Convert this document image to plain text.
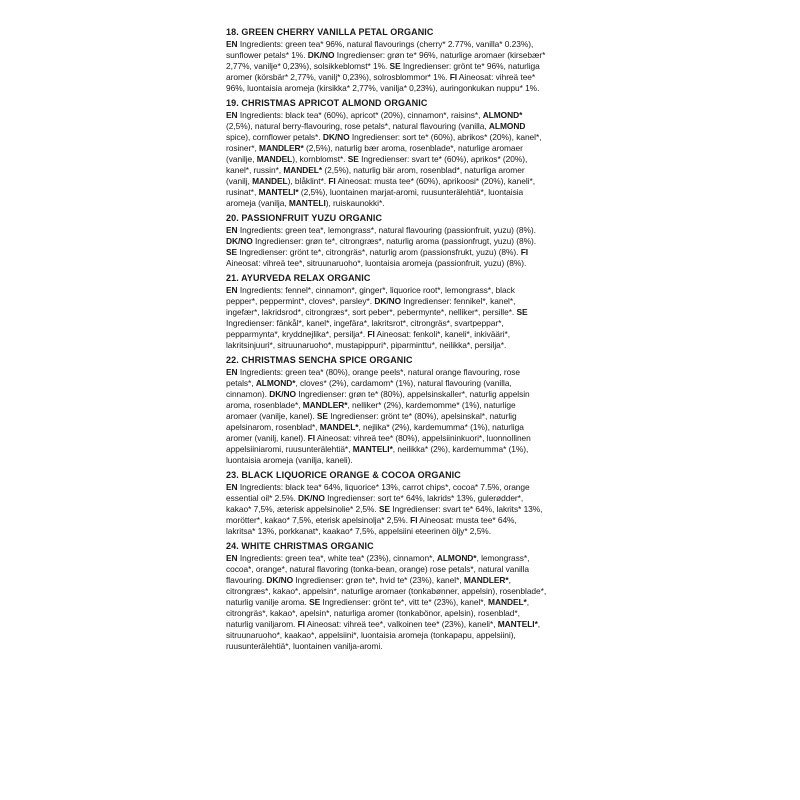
18. GREEN CHERRY VANILLA PETAL ORGANIC

EN Ingredients: green tea* 96%, natural flavourings (cherry* 2.77%, vanilla* 0.23%), sunflower petals* 1%. DK/NO Ingredienser: grøn te* 96%, naturlige aromaer (kirsebær* 2,77%, vanilje* 0,23%), solsikkeblomst* 1%. SE Ingredienser: grönt te* 96%, naturliga aromer (körsbär* 2,77%, vanilj* 0,23%), solrosblommor* 1%. FI Aineosat: vihreä tee* 96%, luontaisia aromeja (kirsikka* 2,77%, vanilja* 0,23%), auringonkukan nuppu* 1%.

19. CHRISTMAS APRICOT ALMOND ORGANIC

EN Ingredients: black tea* (60%), apricot* (20%), cinnamon*, raisins*, ALMOND* (2,5%), natural berry-flavouring, rose petals*, natural flavouring (vanilla, ALMOND spice), cornflower petals*. DK/NO Ingredienser: sort te* (60%), abrikos* (20%), kanel*, rosiner*, MANDLER* (2,5%), naturlig bær aroma, rosenblade*, naturlige aromaer (vanilje, MANDEL), kornblomst*. SE Ingredienser: svart te* (60%), aprikos* (20%), kanel*, russin*, MANDEL* (2,5%), naturlig bär arom, rosenblad*, naturliga aromer (vanilj, MANDEL), blåklint*. FI Aineosat: musta tee* (60%), aprikoosi* (20%), kaneli*, rusinat*, MANTELI* (2,5%), luontainen marjat-aromi, ruusunterälehtiä*, luontaisia aromeja (vanilja, MANTELI), ruiskaunokki*.

20. PASSIONFRUIT YUZU ORGANIC

EN Ingredients: green tea*, lemongrass*, natural flavouring (passionfruit, yuzu) (8%). DK/NO Ingredienser: grøn te*, citrongræs*, naturlig aroma (passionfrugt, yuzu) (8%). SE Ingredienser: grönt te*, citrongräs*, naturlig arom (passionsfrukt, yuzu) (8%). FI Aineosat: vihreä tee*, sitruunaruoho*, luontaisia aromeja (passionfruit, yuzu) (8%).

21. AYURVEDA RELAX ORGANIC

EN Ingredients: fennel*, cinnamon*, ginger*, liquorice root*, lemongrass*, black pepper*, peppermint*, cloves*, parsley*. DK/NO Ingredienser: fennikel*, kanel*, ingefær*, lakridsrod*, citrongræs*, sort peber*, pebermynte*, nelliker*, persille*. SE Ingredienser: fänkål*, kanel*, ingefära*, lakritsrot*, citrongräs*, svartpeppar*, pepparmynta*, kryddnejlika*, persilja*. FI Aineosat: fenkoli*, kaneli*, inkivääri*, lakritsinjuuri*, sitruunaruoho*, mustapippuri*, piparminttu*, neilikka*, persilja*.

22. CHRISTMAS SENCHA SPICE ORGANIC

EN Ingredients: green tea* (80%), orange peels*, natural orange flavouring, rose petals*, ALMOND*, cloves* (2%), cardamom* (1%), natural flavouring (vanilla, cinnamon). DK/NO Ingredienser: grøn te* (80%), appelsinskaller*, naturlig appelsin aroma, rosenblade*, MANDLER*, nelliker* (2%), kardemomme* (1%), naturlige aromaer (vanilje, kanel). SE Ingredienser: grönt te* (80%), apelsinskal*, naturlig apelsinarom, rosenblad*, MANDEL*, nejlika* (2%), kardemumma* (1%), naturliga aromer (vanilj, kanel). FI Aineosat: vihreä tee* (80%), appelsiininkuori*, luonnollinen appelsiiniaromi, ruusunterälehtiä*, MANTELI*, neilikka* (2%), kardemumma* (1%), luontaisia aromeja (vanilja, kaneli).

23. BLACK LIQUORICE ORANGE & COCOA ORGANIC

EN Ingredients: black tea* 64%, liquorice* 13%, carrot chips*, cocoa* 7.5%, orange essential oil* 2.5%. DK/NO Ingredienser: sort te* 64%, lakrids* 13%, gulerødder*, kakao* 7,5%, æterisk appelsinolie* 2,5%. SE Ingredienser: svart te* 64%, lakrits* 13%, morötter*, kakao* 7,5%, eterisk apelsinolja* 2,5%. FI Aineosat: musta tee* 64%, lakritsa* 13%, porkkanat*, kaakao* 7,5%, appelsiini eteerinen öljy* 2,5%.

24. WHITE CHRISTMAS ORGANIC

EN Ingredients: green tea*, white tea* (23%), cinnamon*, ALMOND*, lemongrass*, cocoa*, orange*, natural flavoring (tonka-bean, orange) rose petals*, natural vanilla flavouring. DK/NO Ingredienser: grøn te*, hvid te* (23%), kanel*, MANDLER*, citrongræs*, kakao*, appelsin*, naturlige aromaer (tonkabønner, appelsin), rosenblade*, naturlig vanilje aroma. SE Ingredienser: grönt te*, vitt te* (23%), kanel*, MANDEL*, citrongräs*, kakao*, apelsin*, naturliga aromer (tonkabönor, apelsin), rosenblad*, naturlig vaniljarom. FI Aineosat: vihreä tee*, valkoinen tee* (23%), kaneli*, MANTELI*, sitruunaruoho*, kaakao*, appelsiini*, luontaisia aromeja (tonkapapu, appelsiini), ruusunterälehtiä*, luontainen vanilja-aromi.
